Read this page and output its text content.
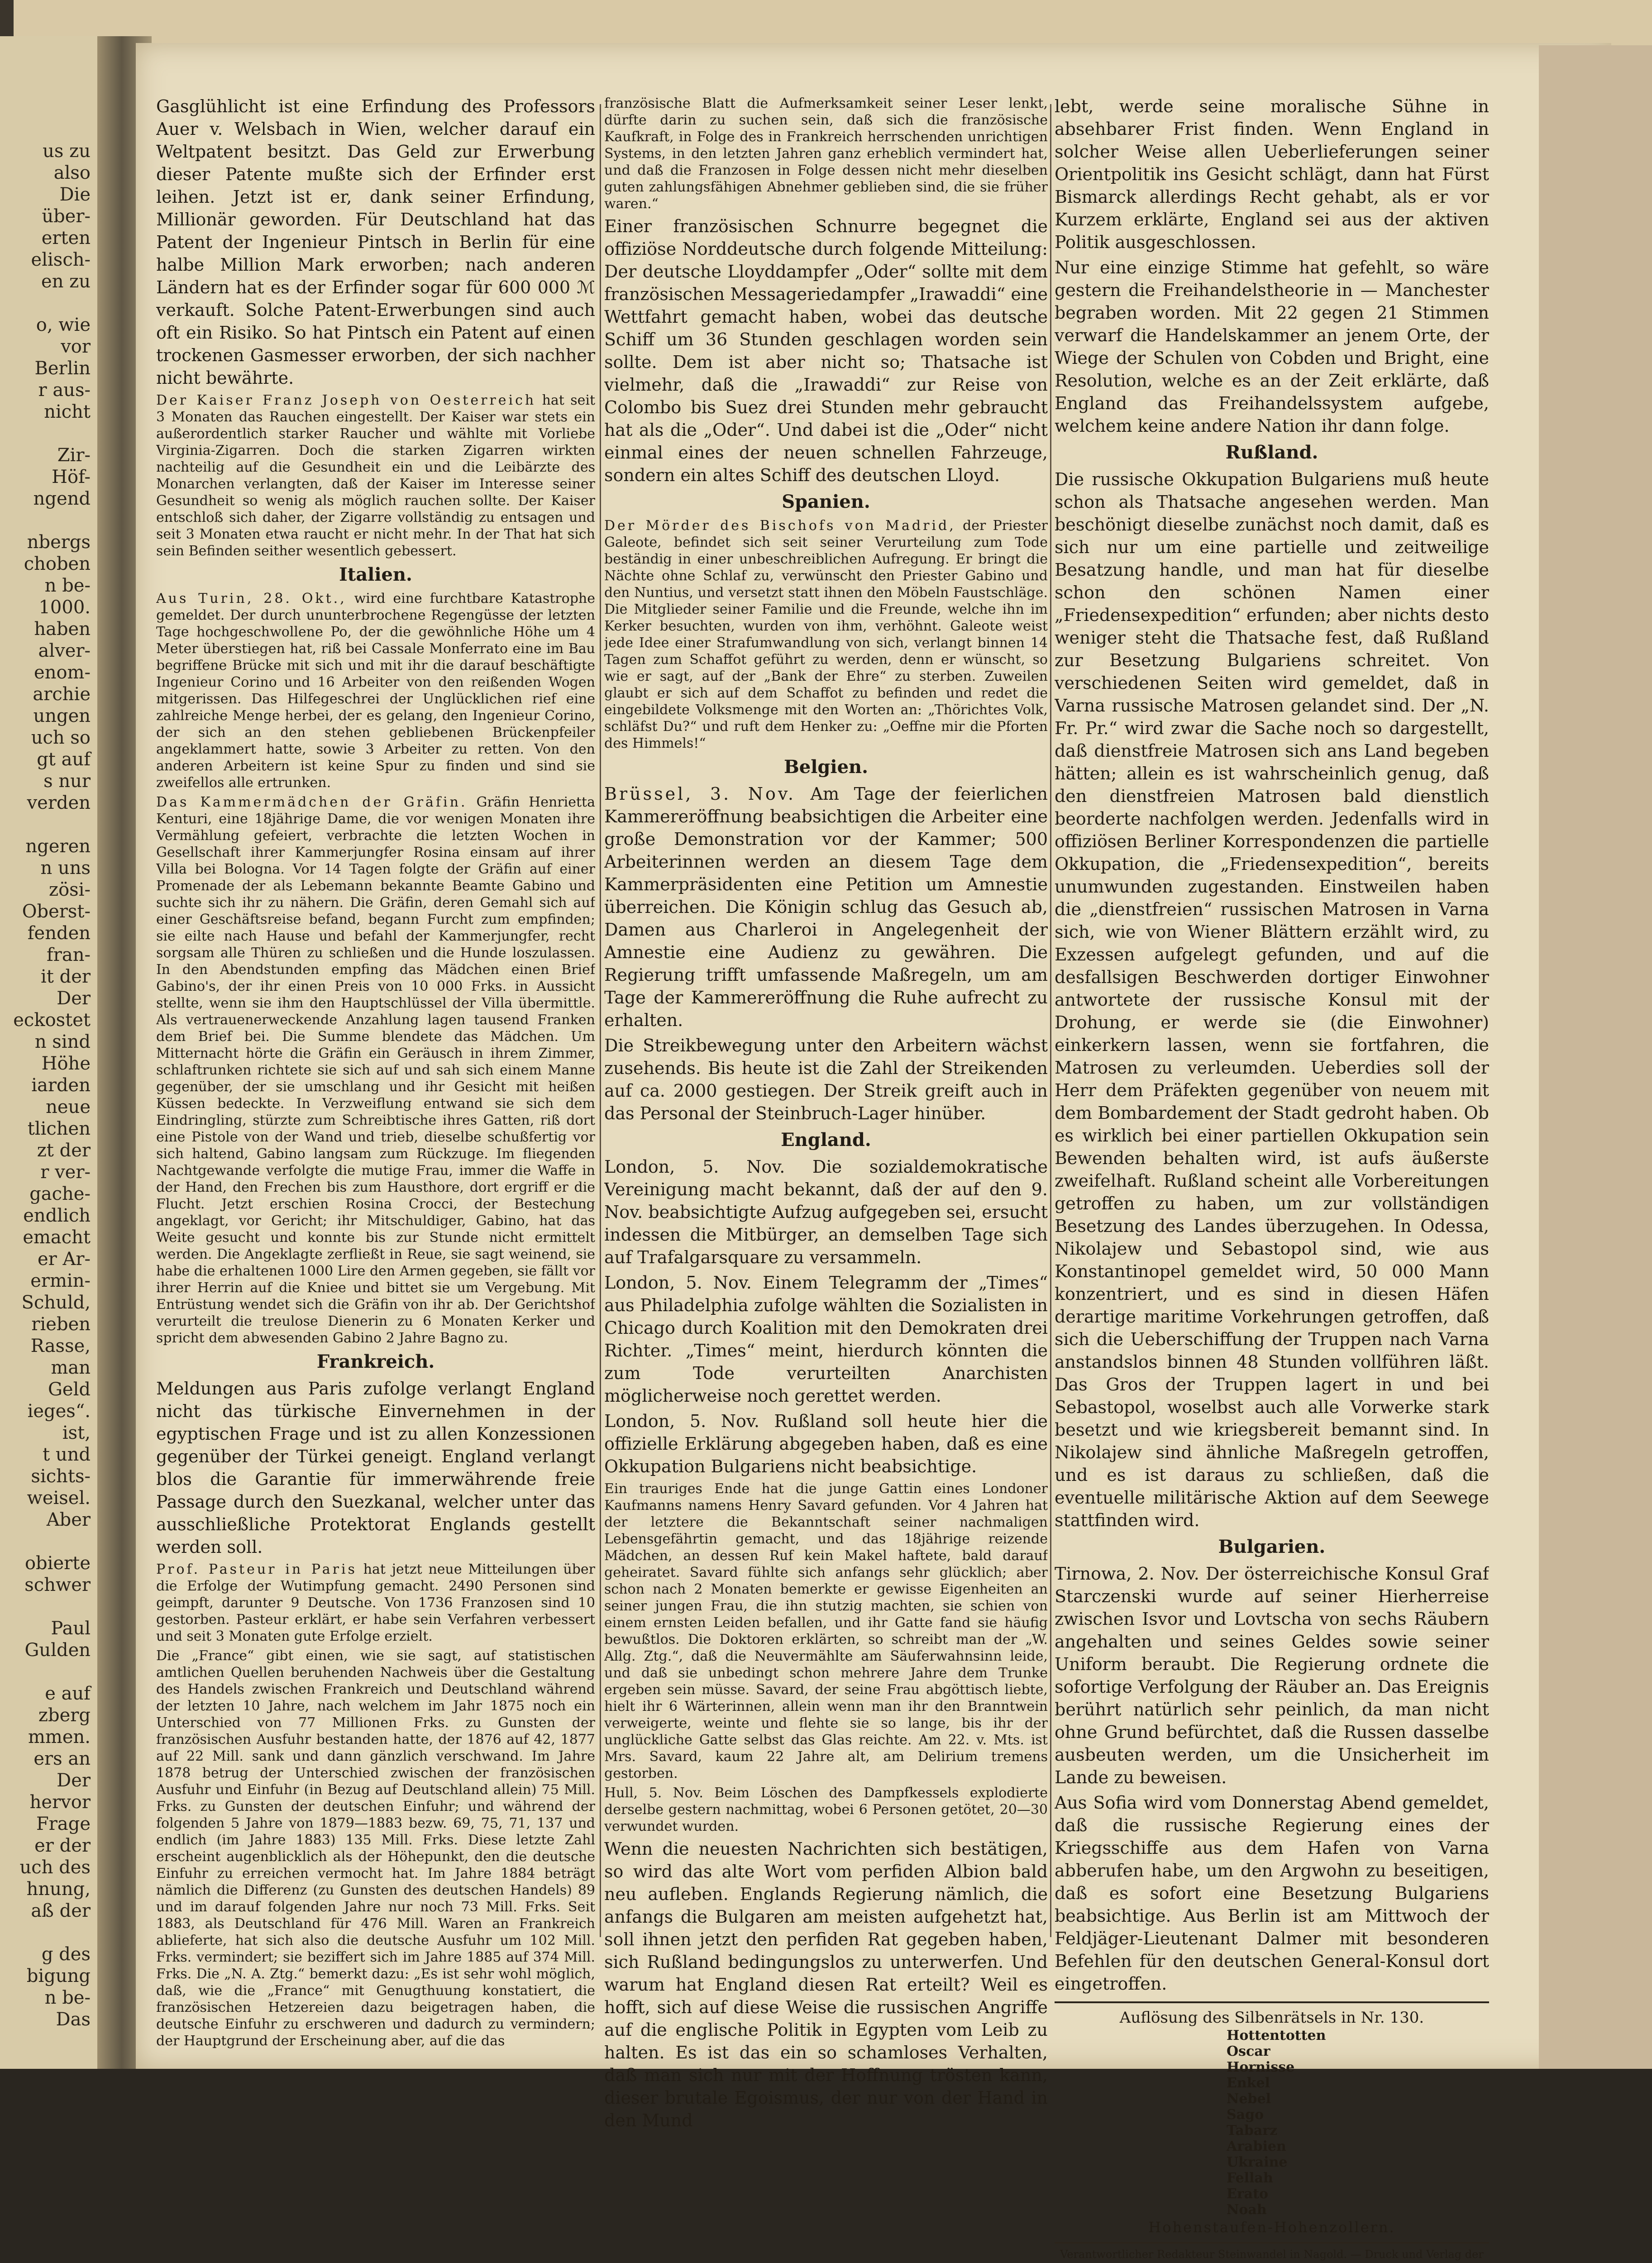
us zu
also
Die
über-
erten
elisch-
en zu
o, wie
vor
Berlin
r aus-
nicht
Zir-
Höf-
ngend
nbergs
choben
n be-
1000.
haben
alver-
enom-
archie
ungen
uch so
gt auf
s nur
verden
ngeren
n uns
zösi-
Oberst-
fenden
fran-
it der
Der
eckostet
n sind
Höhe
iarden
neue
tlichen
zt der
r ver-
gache-
endlich
emacht
er Ar-
ermin-
Schuld,
rieben
Rasse,
man
Geld
ieges“.
ist,
t und
sichts-
weisel.
Aber
obierte
schwer
Paul
Gulden
e auf
zberg
mmen.
ers an
Der
hervor
Frage
er der
uch des
hnung,
aß der
g des
bigung
n be-
Das

Gasglühlicht ist eine Erfindung des Professors Auer v. Welsbach in Wien, welcher darauf ein Weltpatent besitzt. Das Geld zur Erwerbung dieser Patente mußte sich der Erfinder erst leihen. Jetzt ist er, dank seiner Erfindung, Millionär geworden. Für Deutschland hat das Patent der Ingenieur Pintsch in Berlin für eine halbe Million Mark erworben; nach anderen Ländern hat es der Erfinder sogar für 600 000 ℳ verkauft. Solche Patent-Erwerbungen sind auch oft ein Risiko. So hat Pintsch ein Patent auf einen trockenen Gasmesser erworben, der sich nachher nicht bewährte.

Der Kaiser Franz Joseph von Oesterreich hat seit 3 Monaten das Rauchen eingestellt. Der Kaiser war stets ein außerordentlich starker Raucher und wählte mit Vorliebe Virginia-Zigarren. Doch die starken Zigarren wirkten nachteilig auf die Gesundheit ein und die Leibärzte des Monarchen verlangten, daß der Kaiser im Interesse seiner Gesundheit so wenig als möglich rauchen sollte. Der Kaiser entschloß sich daher, der Zigarre vollständig zu entsagen und seit 3 Monaten etwa raucht er nicht mehr. In der That hat sich sein Befinden seither wesentlich gebessert.

Italien.

Aus Turin, 28. Okt., wird eine furchtbare Katastrophe gemeldet. Der durch ununterbrochene Regengüsse der letzten Tage hochgeschwollene Po, der die gewöhnliche Höhe um 4 Meter überstiegen hat, riß bei Cassale Monferrato eine im Bau begriffene Brücke mit sich und mit ihr die darauf beschäftigte Ingenieur Corino und 16 Arbeiter von den reißenden Wogen mitgerissen. Das Hilfegeschrei der Unglücklichen rief eine zahlreiche Menge herbei, der es gelang, den Ingenieur Corino, der sich an den stehen gebliebenen Brückenpfeiler angeklammert hatte, sowie 3 Arbeiter zu retten. Von den anderen Arbeitern ist keine Spur zu finden und sind sie zweifellos alle ertrunken.

Das Kammermädchen der Gräfin. Gräfin Henrietta Kenturi, eine 18jährige Dame, die vor wenigen Monaten ihre Vermählung gefeiert, verbrachte die letzten Wochen in Gesellschaft ihrer Kammerjungfer Rosina einsam auf ihrer Villa bei Bologna. Vor 14 Tagen folgte der Gräfin auf einer Promenade der als Lebemann bekannte Beamte Gabino und suchte sich ihr zu nähern. Die Gräfin, deren Gemahl sich auf einer Geschäftsreise befand, begann Furcht zum empfinden; sie eilte nach Hause und befahl der Kammerjungfer, recht sorgsam alle Thüren zu schließen und die Hunde loszulassen. In den Abendstunden empfing das Mädchen einen Brief Gabino's, der ihr einen Preis von 10 000 Frks. in Aussicht stellte, wenn sie ihm den Hauptschlüssel der Villa übermittle. Als vertrauenerweckende Anzahlung lagen tausend Franken dem Brief bei. Die Summe blendete das Mädchen. Um Mitternacht hörte die Gräfin ein Geräusch in ihrem Zimmer, schlaftrunken richtete sie sich auf und sah sich einem Manne gegenüber, der sie umschlang und ihr Gesicht mit heißen Küssen bedeckte. In Verzweiflung entwand sie sich dem Eindringling, stürzte zum Schreibtische ihres Gatten, riß dort eine Pistole von der Wand und trieb, dieselbe schußfertig vor sich haltend, Gabino langsam zum Rückzuge. Im fliegenden Nachtgewande verfolgte die mutige Frau, immer die Waffe in der Hand, den Frechen bis zum Hausthore, dort ergriff er die Flucht. Jetzt erschien Rosina Crocci, der Bestechung angeklagt, vor Gericht; ihr Mitschuldiger, Gabino, hat das Weite gesucht und konnte bis zur Stunde nicht ermittelt werden. Die Angeklagte zerfließt in Reue, sie sagt weinend, sie habe die erhaltenen 1000 Lire den Armen gegeben, sie fällt vor ihrer Herrin auf die Kniee und bittet sie um Vergebung. Mit Entrüstung wendet sich die Gräfin von ihr ab. Der Gerichtshof verurteilt die treulose Dienerin zu 6 Monaten Kerker und spricht dem abwesenden Gabino 2 Jahre Bagno zu.

Frankreich.

Meldungen aus Paris zufolge verlangt England nicht das türkische Einvernehmen in der egyptischen Frage und ist zu allen Konzessionen gegenüber der Türkei geneigt. England verlangt blos die Garantie für immerwährende freie Passage durch den Suezkanal, welcher unter das ausschließliche Protektorat Englands gestellt werden soll.

Prof. Pasteur in Paris hat jetzt neue Mitteilungen über die Erfolge der Wutimpfung gemacht. 2490 Personen sind geimpft, darunter 9 Deutsche. Von 1736 Franzosen sind 10 gestorben. Pasteur erklärt, er habe sein Verfahren verbessert und seit 3 Monaten gute Erfolge erzielt.

Die „France“ gibt einen, wie sie sagt, auf statistischen amtlichen Quellen beruhenden Nachweis über die Gestaltung des Handels zwischen Frankreich und Deutschland während der letzten 10 Jahre, nach welchem im Jahr 1875 noch ein Unterschied von 77 Millionen Frks. zu Gunsten der französischen Ausfuhr bestanden hatte, der 1876 auf 42, 1877 auf 22 Mill. sank und dann gänzlich verschwand. Im Jahre 1878 betrug der Unterschied zwischen der französischen Ausfuhr und Einfuhr (in Bezug auf Deutschland allein) 75 Mill. Frks. zu Gunsten der deutschen Einfuhr; und während der folgenden 5 Jahre von 1879—1883 bezw. 69, 75, 71, 137 und endlich (im Jahre 1883) 135 Mill. Frks. Diese letzte Zahl erscheint augenblicklich als der Höhepunkt, den die deutsche Einfuhr zu erreichen vermocht hat. Im Jahre 1884 beträgt nämlich die Differenz (zu Gunsten des deutschen Handels) 89 und im darauf folgenden Jahre nur noch 73 Mill. Frks. Seit 1883, als Deutschland für 476 Mill. Waren an Frankreich ablieferte, hat sich also die deutsche Ausfuhr um 102 Mill. Frks. vermindert; sie beziffert sich im Jahre 1885 auf 374 Mill. Frks. Die „N. A. Ztg.“ bemerkt dazu: „Es ist sehr wohl möglich, daß, wie die „France“ mit Genugthuung konstatiert, die französischen Hetzereien dazu beigetragen haben, die deutsche Einfuhr zu erschweren und dadurch zu vermindern; der Hauptgrund der Erscheinung aber, auf die das

französische Blatt die Aufmerksamkeit seiner Leser lenkt, dürfte darin zu suchen sein, daß sich die französische Kaufkraft, in Folge des in Frankreich herrschenden unrichtigen Systems, in den letzten Jahren ganz erheblich vermindert hat, und daß die Franzosen in Folge dessen nicht mehr dieselben guten zahlungsfähigen Abnehmer geblieben sind, die sie früher waren.“

Einer französischen Schnurre begegnet die offiziöse Norddeutsche durch folgende Mitteilung: Der deutsche Lloyddampfer „Oder“ sollte mit dem französischen Messageriedampfer „Irawaddi“ eine Wettfahrt gemacht haben, wobei das deutsche Schiff um 36 Stunden geschlagen worden sein sollte. Dem ist aber nicht so; Thatsache ist vielmehr, daß die „Irawaddi“ zur Reise von Colombo bis Suez drei Stunden mehr gebraucht hat als die „Oder“. Und dabei ist die „Oder“ nicht einmal eines der neuen schnellen Fahrzeuge, sondern ein altes Schiff des deutschen Lloyd.

Spanien.

Der Mörder des Bischofs von Madrid, der Priester Galeote, befindet sich seit seiner Verurteilung zum Tode beständig in einer unbeschreiblichen Aufregung. Er bringt die Nächte ohne Schlaf zu, verwünscht den Priester Gabino und den Nuntius, und versetzt statt ihnen den Möbeln Faustschläge. Die Mitglieder seiner Familie und die Freunde, welche ihn im Kerker besuchten, wurden von ihm, verhöhnt. Galeote weist jede Idee einer Strafumwandlung von sich, verlangt binnen 14 Tagen zum Schaffot geführt zu werden, denn er wünscht, so wie er sagt, auf der „Bank der Ehre“ zu sterben. Zuweilen glaubt er sich auf dem Schaffot zu befinden und redet die eingebildete Volksmenge mit den Worten an: „Thörichtes Volk, schläfst Du?“ und ruft dem Henker zu: „Oeffne mir die Pforten des Himmels!“

Belgien.

Brüssel, 3. Nov. Am Tage der feierlichen Kammereröffnung beabsichtigen die Arbeiter eine große Demonstration vor der Kammer; 500 Arbeiterinnen werden an diesem Tage dem Kammerpräsidenten eine Petition um Amnestie überreichen. Die Königin schlug das Gesuch ab, Damen aus Charleroi in Angelegenheit der Amnestie eine Audienz zu gewähren. Die Regierung trifft umfassende Maßregeln, um am Tage der Kammereröffnung die Ruhe aufrecht zu erhalten.

Die Streikbewegung unter den Arbeitern wächst zusehends. Bis heute ist die Zahl der Streikenden auf ca. 2000 gestiegen. Der Streik greift auch in das Personal der Steinbruch-Lager hinüber.

England.

London, 5. Nov. Die sozialdemokratische Vereinigung macht bekannt, daß der auf den 9. Nov. beabsichtigte Aufzug aufgegeben sei, ersucht indessen die Mitbürger, an demselben Tage sich auf Trafalgarsquare zu versammeln.

London, 5. Nov. Einem Telegramm der „Times“ aus Philadelphia zufolge wählten die Sozialisten in Chicago durch Koalition mit den Demokraten drei Richter. „Times“ meint, hierdurch könnten die zum Tode verurteilten Anarchisten möglicherweise noch gerettet werden.

London, 5. Nov. Rußland soll heute hier die offizielle Erklärung abgegeben haben, daß es eine Okkupation Bulgariens nicht beabsichtige.

Ein trauriges Ende hat die junge Gattin eines Londoner Kaufmanns namens Henry Savard gefunden. Vor 4 Jahren hat der letztere die Bekanntschaft seiner nachmaligen Lebensgefährtin gemacht, und das 18jährige reizende Mädchen, an dessen Ruf kein Makel haftete, bald darauf geheiratet. Savard fühlte sich anfangs sehr glücklich; aber schon nach 2 Monaten bemerkte er gewisse Eigenheiten an seiner jungen Frau, die ihn stutzig machten, sie schien von einem ernsten Leiden befallen, und ihr Gatte fand sie häufig bewußtlos. Die Doktoren erklärten, so schreibt man der „W. Allg. Ztg.“, daß die Neuvermählte am Säuferwahnsinn leide, und daß sie unbedingt schon mehrere Jahre dem Trunke ergeben sein müsse. Savard, der seine Frau abgöttisch liebte, hielt ihr 6 Wärterinnen, allein wenn man ihr den Branntwein verweigerte, weinte und flehte sie so lange, bis ihr der unglückliche Gatte selbst das Glas reichte. Am 22. v. Mts. ist Mrs. Savard, kaum 22 Jahre alt, am Delirium tremens gestorben.

Hull, 5. Nov. Beim Löschen des Dampfkessels explodierte derselbe gestern nachmittag, wobei 6 Personen getötet, 20—30 verwundet wurden.

Wenn die neuesten Nachrichten sich bestätigen, so wird das alte Wort vom perfiden Albion bald neu aufleben. Englands Regierung nämlich, die anfangs die Bulgaren am meisten aufgehetzt hat, soll ihnen jetzt den perfiden Rat gegeben haben, sich Rußland bedingungslos zu unterwerfen. Und warum hat England diesen Rat erteilt? Weil es hofft, sich auf diese Weise die russischen Angriffe auf die englische Politik in Egypten vom Leib zu halten. Es ist das ein so schamloses Verhalten, daß man sich nur mit der Hoffnung trösten kann, dieser brutale Egoismus, der nur von der Hand in den Mund

lebt, werde seine moralische Sühne in absehbarer Frist finden. Wenn England in solcher Weise allen Ueberlieferungen seiner Orientpolitik ins Gesicht schlägt, dann hat Fürst Bismarck allerdings Recht gehabt, als er vor Kurzem erklärte, England sei aus der aktiven Politik ausgeschlossen.

Nur eine einzige Stimme hat gefehlt, so wäre gestern die Freihandelstheorie in — Manchester begraben worden. Mit 22 gegen 21 Stimmen verwarf die Handelskammer an jenem Orte, der Wiege der Schulen von Cobden und Bright, eine Resolution, welche es an der Zeit erklärte, daß England das Freihandelssystem aufgebe, welchem keine andere Nation ihr dann folge.

Rußland.

Die russische Okkupation Bulgariens muß heute schon als Thatsache angesehen werden. Man beschönigt dieselbe zunächst noch damit, daß es sich nur um eine partielle und zeitweilige Besatzung handle, und man hat für dieselbe schon den schönen Namen einer „Friedensexpedition“ erfunden; aber nichts desto weniger steht die Thatsache fest, daß Rußland zur Besetzung Bulgariens schreitet. Von verschiedenen Seiten wird gemeldet, daß in Varna russische Matrosen gelandet sind. Der „N. Fr. Pr.“ wird zwar die Sache noch so dargestellt, daß dienstfreie Matrosen sich ans Land begeben hätten; allein es ist wahrscheinlich genug, daß den dienstfreien Matrosen bald dienstlich beorderte nachfolgen werden. Jedenfalls wird in offiziösen Berliner Korrespondenzen die partielle Okkupation, die „Friedensexpedition“, bereits unumwunden zugestanden. Einstweilen haben die „dienstfreien“ russischen Matrosen in Varna sich, wie von Wiener Blättern erzählt wird, zu Exzessen aufgelegt gefunden, und auf die desfallsigen Beschwerden dortiger Einwohner antwortete der russische Konsul mit der Drohung, er werde sie (die Einwohner) einkerkern lassen, wenn sie fortfahren, die Matrosen zu verleumden. Ueberdies soll der Herr dem Präfekten gegenüber von neuem mit dem Bombardement der Stadt gedroht haben. Ob es wirklich bei einer partiellen Okkupation sein Bewenden behalten wird, ist aufs äußerste zweifelhaft. Rußland scheint alle Vorbereitungen getroffen zu haben, um zur vollständigen Besetzung des Landes überzugehen. In Odessa, Nikolajew und Sebastopol sind, wie aus Konstantinopel gemeldet wird, 50 000 Mann konzentriert, und es sind in diesen Häfen derartige maritime Vorkehrungen getroffen, daß sich die Ueberschiffung der Truppen nach Varna anstandslos binnen 48 Stunden vollführen läßt. Das Gros der Truppen lagert in und bei Sebastopol, woselbst auch alle Vorwerke stark besetzt und wie kriegsbereit bemannt sind. In Nikolajew sind ähnliche Maßregeln getroffen, und es ist daraus zu schließen, daß die eventuelle militärische Aktion auf dem Seewege stattfinden wird.

Bulgarien.

Tirnowa, 2. Nov. Der österreichische Konsul Graf Starczenski wurde auf seiner Hierherreise zwischen Isvor und Lovtscha von sechs Räubern angehalten und seines Geldes sowie seiner Uniform beraubt. Die Regierung ordnete die sofortige Verfolgung der Räuber an. Das Ereignis berührt natürlich sehr peinlich, da man nicht ohne Grund befürchtet, daß die Russen dasselbe ausbeuten werden, um die Unsicherheit im Lande zu beweisen.

Aus Sofia wird vom Donnerstag Abend gemeldet, daß die russische Regierung eines der Kriegsschiffe aus dem Hafen von Varna abberufen habe, um den Argwohn zu beseitigen, daß es sofort eine Besetzung Bulgariens beabsichtige. Aus Berlin ist am Mittwoch der Feldjäger-Lieutenant Dalmer mit besonderen Befehlen für den deutschen General-Konsul dort eingetroffen.

Auflösung des Silbenrätsels in Nr. 130.
Hottentotten
Oscar
Hornisse
Enkel
Nebel
Sago
Tabarz
Arabien
Ukraine
Fellah
Erato
Noah
Hohenstaufen-Hohenzollern.
Verantwortlicher Redakteur Steinwandel in Nagold. — Druck und Verlag der
